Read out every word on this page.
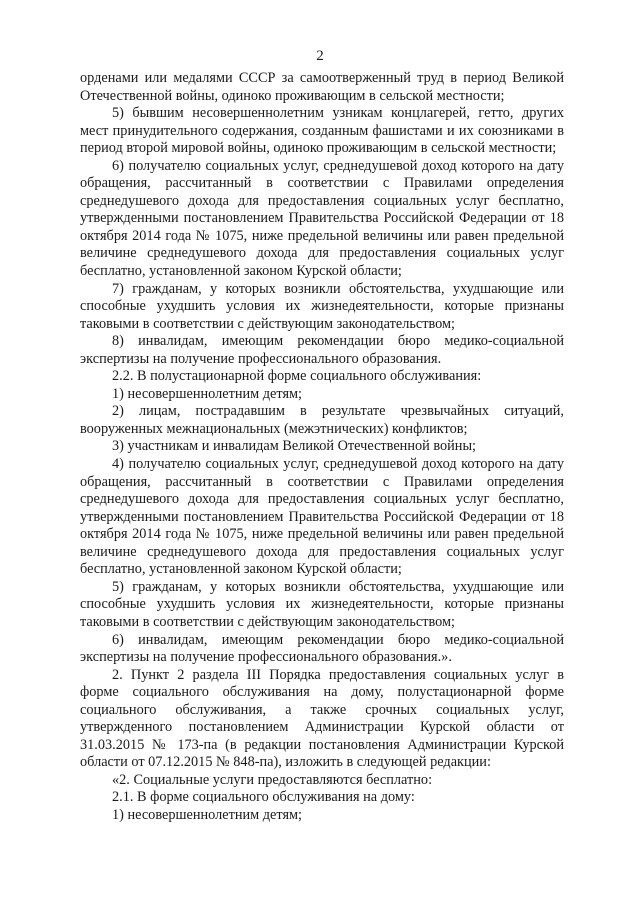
2

орденами или медалями СССР за самоотверженный труд в период Великой Отечественной войны, одиноко проживающим в сельской местности;

5) бывшим несовершеннолетним узникам концлагерей, гетто, других мест принудительного содержания, созданным фашистами и их союзниками в период второй мировой войны, одиноко проживающим в сельской местности;

6) получателю социальных услуг, среднедушевой доход которого на дату обращения, рассчитанный в соответствии с Правилами определения среднедушевого дохода для предоставления социальных услуг бесплатно, утвержденными постановлением Правительства Российской Федерации от 18 октября 2014 года № 1075, ниже предельной величины или равен предельной величине среднедушевого дохода для предоставления социальных услуг бесплатно, установленной законом Курской области;

7) гражданам, у которых возникли обстоятельства, ухудшающие или способные ухудшить условия их жизнедеятельности, которые признаны таковыми в соответствии с действующим законодательством;

8) инвалидам, имеющим рекомендации бюро медико-социальной экспертизы на получение профессионального образования.

2.2. В полустационарной форме социального обслуживания:

1) несовершеннолетним детям;

2) лицам, пострадавшим в результате чрезвычайных ситуаций, вооруженных межнациональных (межэтнических) конфликтов;

3) участникам и инвалидам Великой Отечественной войны;

4) получателю социальных услуг, среднедушевой доход которого на дату обращения, рассчитанный в соответствии с Правилами определения среднедушевого дохода для предоставления социальных услуг бесплатно, утвержденными постановлением Правительства Российской Федерации от 18 октября 2014 года № 1075, ниже предельной величины или равен предельной величине среднедушевого дохода для предоставления социальных услуг бесплатно, установленной законом Курской области;

5) гражданам, у которых возникли обстоятельства, ухудшающие или способные ухудшить условия их жизнедеятельности, которые признаны таковыми в соответствии с действующим законодательством;

6) инвалидам, имеющим рекомендации бюро медико-социальной экспертизы на получение профессионального образования.».

2. Пункт 2 раздела III Порядка предоставления социальных услуг в форме социального обслуживания на дому, полустационарной форме социального обслуживания, а также срочных социальных услуг, утвержденного постановлением Администрации Курской области от 31.03.2015 № 173-па (в редакции постановления Администрации Курской области от 07.12.2015 № 848-па), изложить в следующей редакции:

«2. Социальные услуги предоставляются бесплатно:

2.1. В форме социального обслуживания на дому:

1) несовершеннолетним детям;
